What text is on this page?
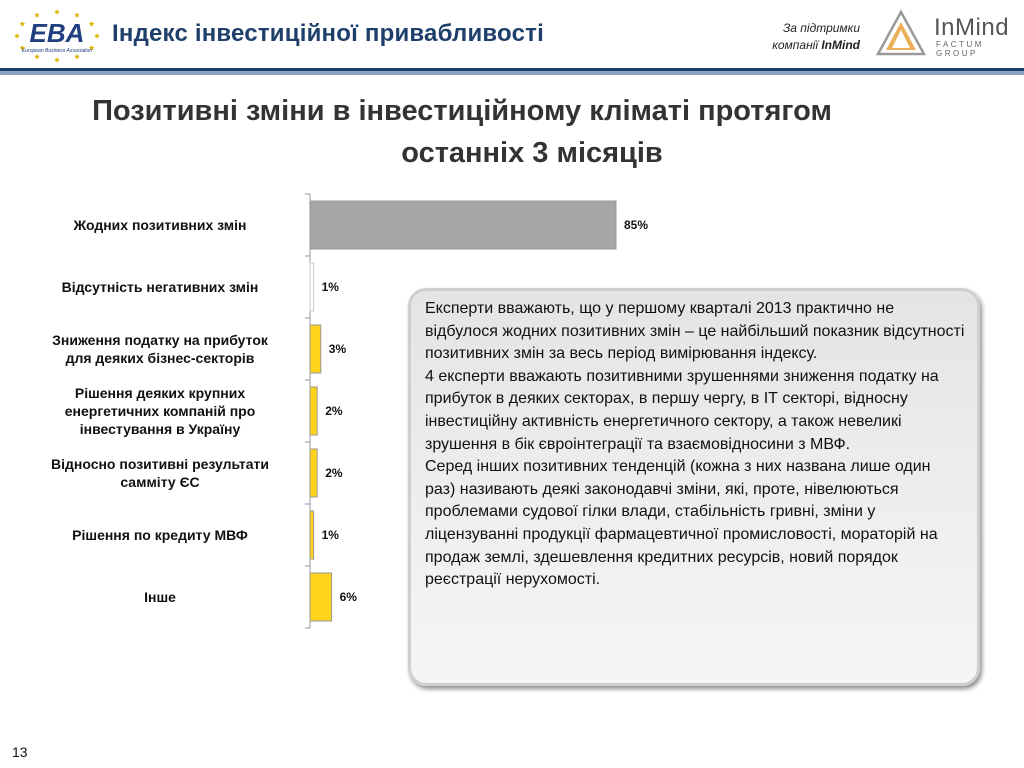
EBA
European Business Association
Індекс інвестиційної привабливості	За підтримки
компанії InMind
InMind
FACTUM GROUP
Позитивні зміни в інвестиційному кліматі протягом
останніх 3 місяців
85%
Жодних позитивних змін
1%
Відсутність негативних змін
3%
Зниження податку на прибуток для деяких бізнес-секторів
2%
Рішення деяких крупних енергетичних компаній про інвестування в Україну
2%
Відносно позитивні результати самміту ЄС
1%
Рішення по кредиту МВФ
6%
Інше

Експерти вважають, що у першому кварталі 2013 практично не відбулося жодних позитивних змін – це найбільший показник відсутності позитивних змін за весь період вимірювання індексу.

4 експерти вважають позитивними зрушеннями зниження податку на прибуток в деяких секторах, в першу чергу, в ІТ секторі, відносну інвестиційну активність енергетичного сектору, а також невеликі зрушення в бік євроінтеграції та взаємовідносини з МВФ.

Серед інших позитивних тенденцій (кожна з них названа лише один раз) називають деякі законодавчі зміни, які, проте, нівелюються проблемами судової гілки влади, стабільність гривні, зміни у ліцензуванні продукції фармацевтичної промисловості, мораторій на продаж землі, здешевлення кредитних ресурсів, новий порядок реєстрації нерухомості.

13
